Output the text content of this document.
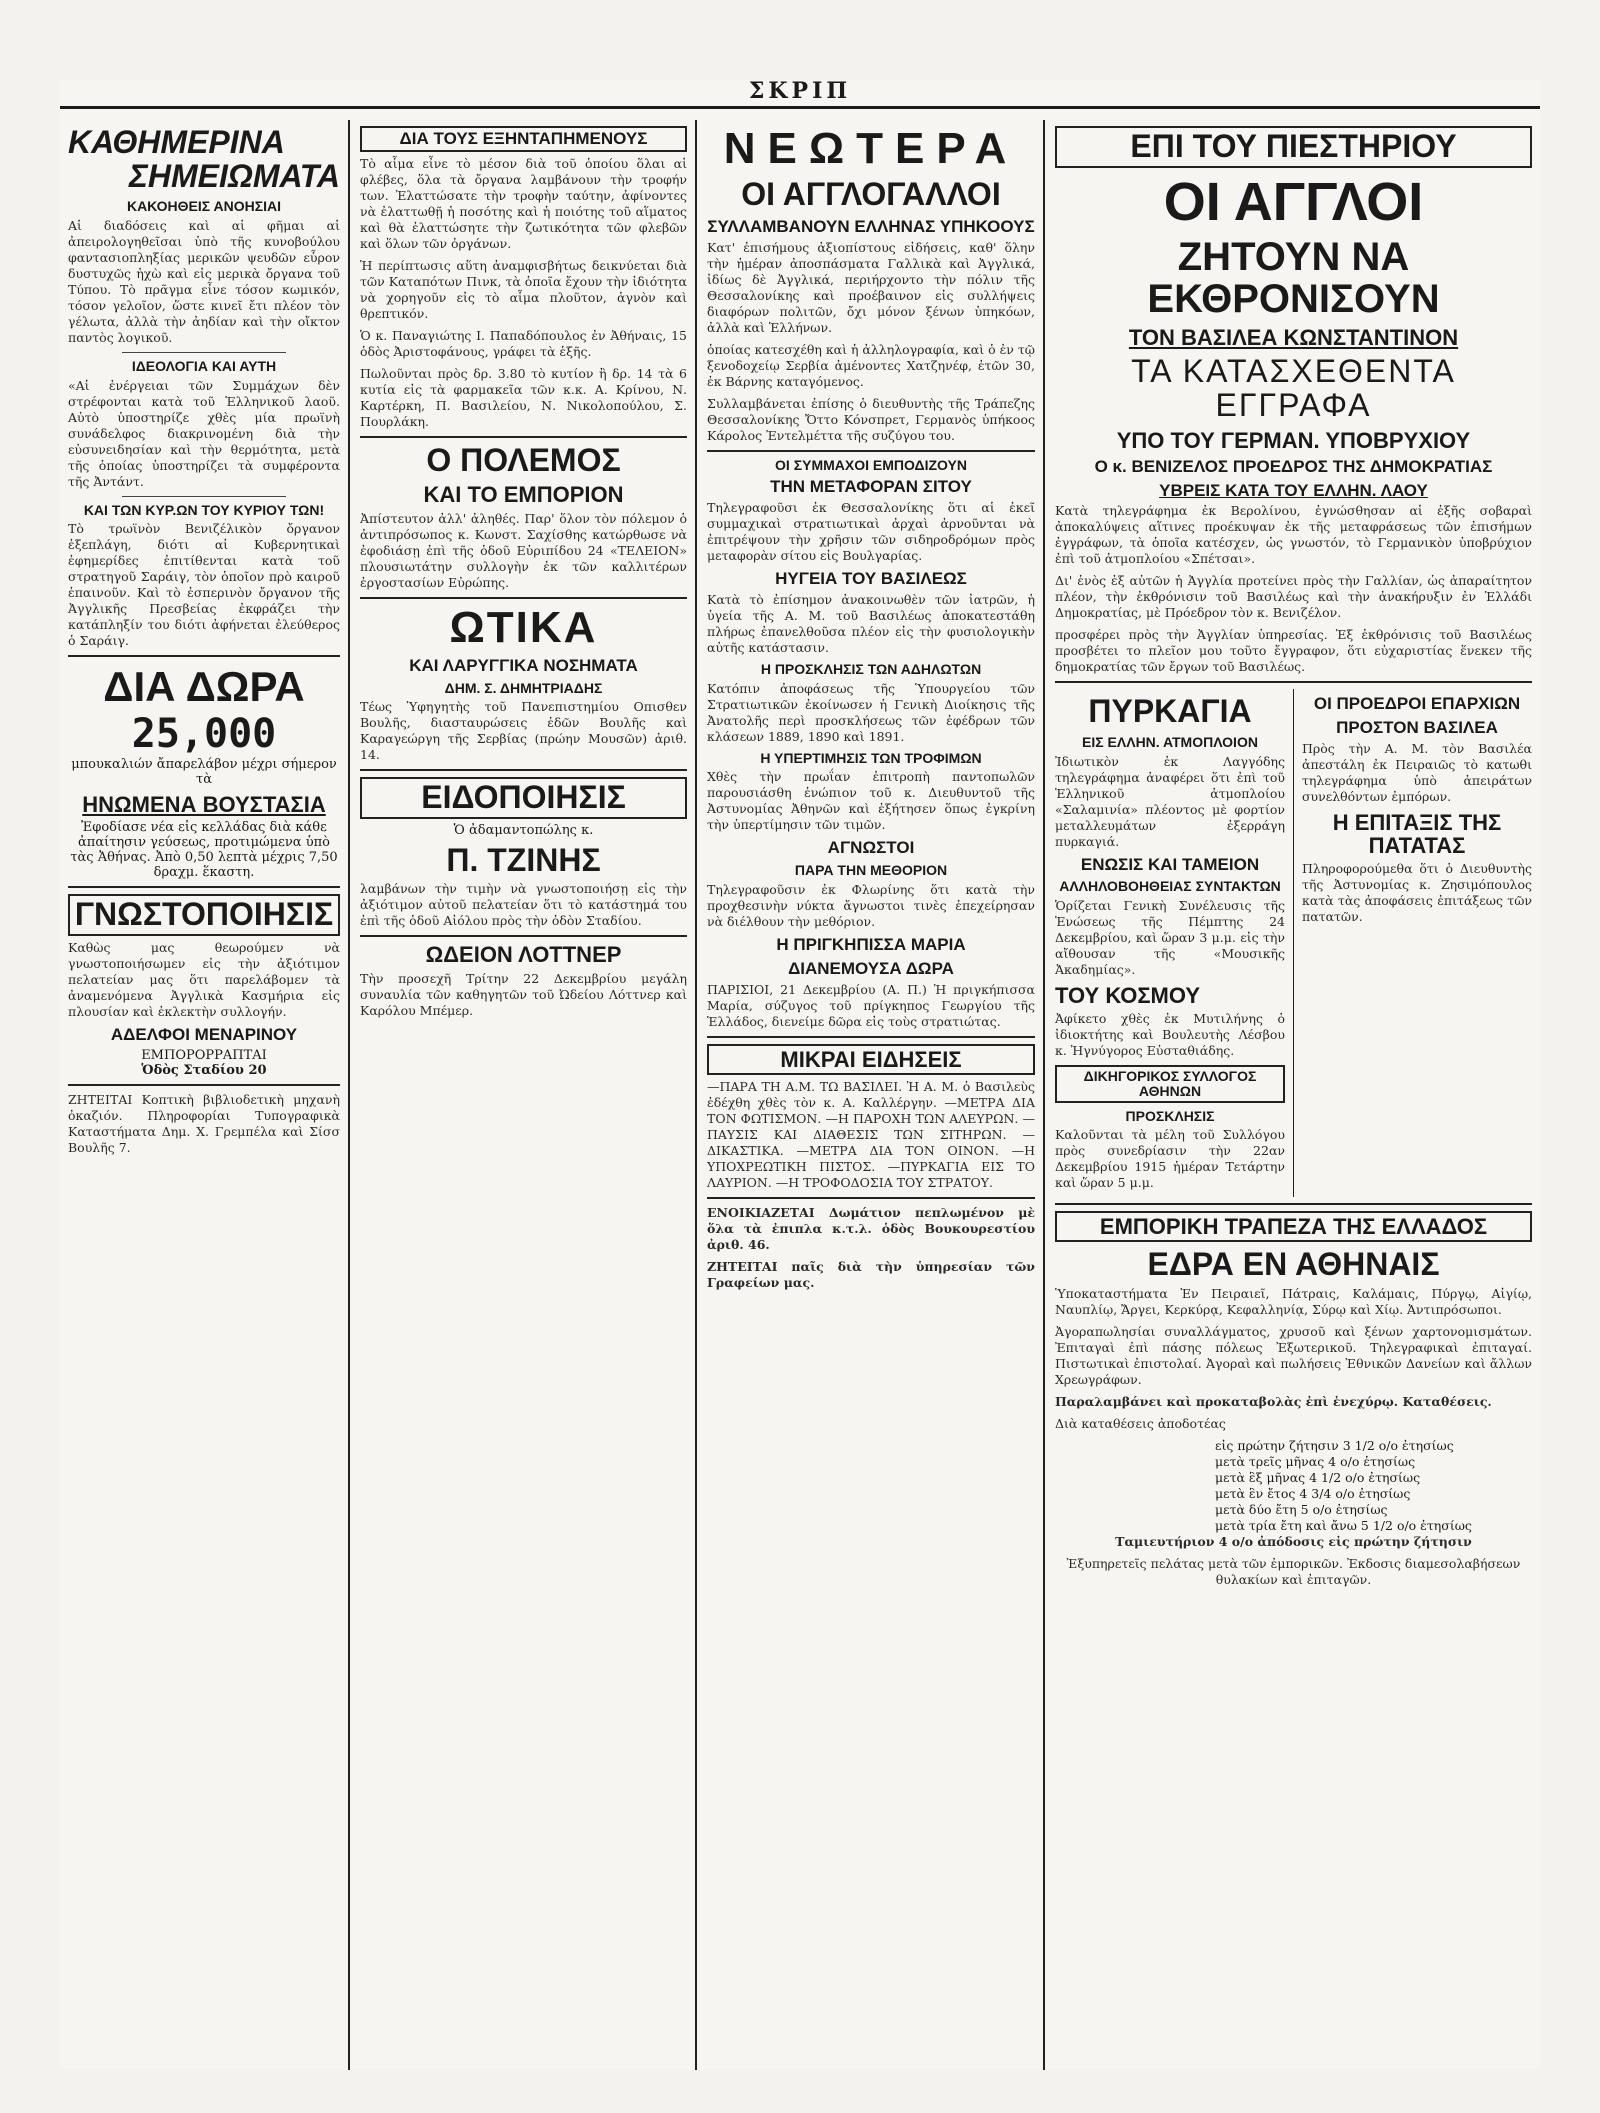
ΣΚΡΙΠ
ΚΑΘΗΜΕΡΙΝΑ
ΣΗΜΕΙΩΜΑΤΑ
ΚΑΚΟΗΘΕΙΣ ΑΝΟΗΣΙΑΙ

Αἱ διαδόσεις καὶ αἱ φῆμαι αἱ ἀπειρολογηθεῖσαι ὑπὸ τῆς κυνοβούλου φαντασιοπληξίας μερικῶν ψευδῶν εὗρον δυστυχῶς ἡχὼ καὶ εἰς μερικὰ ὄργανα τοῦ Τύπου. Τὸ πρᾶγμα εἶνε τόσον κωμικόν, τόσον γελοῖον, ὥστε κινεῖ ἔτι πλέον τὸν γέλωτα, ἀλλὰ τὴν ἀηδίαν καὶ τὴν οἴκτον παντὸς λογικοῦ.

ΙΔΕΟΛΟΓΙΑ ΚΑΙ ΑΥΤΗ

«Αἱ ἐνέργειαι τῶν Συμμάχων δὲν στρέφονται κατὰ τοῦ Ἑλληνικοῦ λαοῦ. Αὐτὸ ὑποστηρίζε χθὲς μία πρωϊνὴ συνάδελφος διακρινομένη διὰ τὴν εὐσυνειδησίαν καὶ τὴν θερμότητα, μετὰ τῆς ὁποίας ὑποστηρίζει τὰ συμφέροντα τῆς Ἀντάντ.

ΚΑΙ ΤΩΝ ΚΥΡ.ΩΝ ΤΟΥ ΚΥΡΙΟΥ ΤΩΝ!

Τὸ τρωϊνὸν Βενιζέλικὸν ὄργανον ἐξεπλάγη, διότι αἱ Κυβερνητικαὶ ἐφημερίδες ἐπιτίθενται κατὰ τοῦ στρατηγοῦ Σαράιγ, τὸν ὁποῖον πρὸ καιροῦ ἐπαινοῦν. Καὶ τὸ ἐσπερινὸν ὄργανον τῆς Ἀγγλικῆς Πρεσβείας ἐκφράζει τὴν κατάπληξίν του διότι ἀφήνεται ἐλεύθερος ὁ Σαράιγ.

ΔΙΑ ΔΩΡΑ
25,000
μπουκαλιών ἄπαρελάβον μέχρι σήμερον τὰ
ΗΝΩΜΕΝΑ ΒΟΥΣΤΑΣΙΑ
Ἐφοδίασε νέα εἰς κελλάδας διὰ κάθε ἀπαίτησιν γεύσεως, προτιμώμενα ὑπὸ τὰς Ἀθήνας. Ἀπὸ 0,50 λεπτὰ μέχρις 7,50 δραχμ. ἕκαστη.
ΓΝΩΣΤΟΠΟΙΗΣΙΣ

Καθὼς μας θεωρούμεν νὰ γνωστοποιήσωμεν εἰς τὴν ἀξιότιμον πελατείαν μας ὅτι παρελάβομεν τὰ ἀναμενόμενα Ἀγγλικὰ Κασμήρια εἰς πλουσίαν καὶ ἐκλεκτὴν συλλογήν.

ΑΔΕΛΦΟΙ ΜΕΝΑΡΙΝΟΥ
ΕΜΠΟΡΟΡΡΑΠΤΑΙ
Ὁδὸς Σταδίου 20

ΖΗΤΕΙΤΑΙ Κοπτικὴ βιβλιοδετικὴ μηχανὴ ὀκαζιόν. Πληροφορίαι Τυπογραφικὰ Καταστήματα Δημ. Χ. Γρεμπέλα καὶ Σίσσ Βουλῆς 7.

ΔΙΑ ΤΟΥΣ ΕΞΗΝΤΑΠΗΜΕΝΟΥΣ

Τὸ αἷμα εἶνε τὸ μέσον διὰ τοῦ ὁποίου ὅλαι αἱ φλέβες, ὅλα τὰ ὄργανα λαμβάνουν τὴν τροφήν των. Ἐλαττώσατε τὴν τροφὴν ταύτην, ἀφίνοντες νὰ ἐλαττωθῇ ἡ ποσότης καὶ ἡ ποιότης τοῦ αἵματος καὶ θὰ ἐλαττώσητε τὴν ζωτικότητα τῶν φλεβῶν καὶ ὅλων τῶν ὀργάνων.

Ἡ περίπτωσις αὕτη ἀναμφισβήτως δεικνύεται διὰ τῶν Καταπότων Πινκ, τὰ ὁποῖα ἔχουν τὴν ἰδιότητα νὰ χορηγοῦν εἰς τὸ αἷμα πλοῦτον, ἁγνὸν καὶ θρεπτικόν.

Ὁ κ. Παναγιώτης Ι. Παπαδόπουλος ἐν Ἀθήναις, 15 ὁδὸς Ἀριστοφάνους, γράφει τὰ ἑξῆς.

Πωλοῦνται πρὸς δρ. 3.80 τὸ κυτίον ἢ δρ. 14 τὰ 6 κυτία εἰς τὰ φαρμακεῖα τῶν κ.κ. Α. Κρίνου, Ν. Καρτέρκη, Π. Βασιλείου, Ν. Νικολοπούλου, Σ. Πουρλάκη.

Ο ΠΟΛΕΜΟΣ
ΚΑΙ ΤΟ ΕΜΠΟΡΙΟΝ

Ἀπίστευτον ἀλλ' ἀληθές. Παρ' ὅλον τὸν πόλεμον ὁ ἀντιπρόσωπος κ. Κωνστ. Σαχίσθης κατώρθωσε νὰ ἐφοδιάσῃ ἐπὶ τῆς ὁδοῦ Εὐριπίδου 24 «ΤΕΛΕΙΟΝ» πλουσιωτάτην συλλογὴν ἐκ τῶν καλλιτέρων ἐργοστασίων Εὐρώπης.

ΩΤΙΚΑ
ΚΑΙ ΛΑΡΥΓΓΙΚΑ ΝΟΣΗΜΑΤΑ
ΔΗΜ. Σ. ΔΗΜΗΤΡΙΑΔΗΣ

Τέως Ὑφηγητὴς τοῦ Πανεπιστημίου Οπισθεν Βουλῆς, διασταυρώσεις ἐδῶν Βουλῆς καὶ Καραγεώργη τῆς Σερβίας (πρώην Μουσῶν) ἀριθ. 14.

ΕΙΔΟΠΟΙΗΣΙΣ
Ὁ ἀδαμαντοπώλης κ.
Π. ΤΖΙΝΗΣ

λαμβάνων τὴν τιμὴν νὰ γνωστοποιήσῃ εἰς τὴν ἀξιότιμον αὐτοῦ πελατείαν ὅτι τὸ κατάστημά του ἐπὶ τῆς ὁδοῦ Αἰόλου πρὸς τὴν ὁδὸν Σταδίου.

ΩΔΕΙΟΝ ΛΟΤΤΝΕΡ

Τὴν προσεχῆ Τρίτην 22 Δεκεμβρίου μεγάλη συναυλία τῶν καθηγητῶν τοῦ Ὠδείου Λόττνερ καὶ Καρόλου Μπέμερ.

ΝΕΩΤΕΡΑ
ΟΙ ΑΓΓΛΟΓΑΛΛΟΙ
ΣΥΛΛΑΜΒΑΝΟΥΝ ΕΛΛΗΝΑΣ ΥΠΗΚΟΟΥΣ

Κατ' ἐπισήμους ἀξιοπίστους εἰδήσεις, καθ' ὅλην τὴν ἡμέραν ἀποσπάσματα Γαλλικὰ καὶ Ἀγγλικά, ἰδίως δὲ Ἀγγλικά, περιήρχοντο τὴν πόλιν τῆς Θεσσαλονίκης καὶ προέβαινον εἰς συλλήψεις διαφόρων πολιτῶν, ὄχι μόνον ξένων ὑπηκόων, ἀλλὰ καὶ Ἑλλήνων.

ὁποίας κατεσχέθη καὶ ἡ ἀλληλογραφία, καὶ ὁ ἐν τῷ ξενοδοχείῳ Σερβία ἀμένοντες Χατζηνέφ, ἐτῶν 30, ἐκ Βάρνης καταγόμενος.

Συλλαμβάνεται ἐπίσης ὁ διευθυντὴς τῆς Τράπεζης Θεσσαλονίκης Ὄττο Κόνσπρετ, Γερμανὸς ὑπήκοος Κάρολος Ἐντελμέττα τῆς συζύγου του.

ΟΙ ΣΥΜΜΑΧΟΙ ΕΜΠΟΔΙΖΟΥΝ
ΤΗΝ ΜΕΤΑΦΟΡΑΝ ΣΙΤΟΥ

Τηλεγραφοῦσι ἐκ Θεσσαλονίκης ὅτι αἱ ἐκεῖ συμμαχικαὶ στρατιωτικαὶ ἀρχαὶ ἀρνοῦνται νὰ ἐπιτρέψουν τὴν χρῆσιν τῶν σιδηροδρόμων πρὸς μεταφορὰν σίτου εἰς Βουλγαρίας.

ΗΥΓΕΙΑ ΤΟΥ ΒΑΣΙΛΕΩΣ

Κατὰ τὸ ἐπίσημον ἀνακοινωθὲν τῶν ἰατρῶν, ἡ ὑγεία τῆς Α. Μ. τοῦ Βασιλέως ἀποκατεστάθη πλήρως ἐπανελθοῦσα πλέον εἰς τὴν φυσιολογικὴν αὐτῆς κατάστασιν.

Η ΠΡΟΣΚΛΗΣΙΣ ΤΩΝ ΑΔΗΛΩΤΩΝ

Κατόπιν ἀποφάσεως τῆς Ὑπουργείου τῶν Στρατιωτικῶν ἐκοίνωσεν ἡ Γενικὴ Διοίκησις τῆς Ἀνατολῆς περὶ προσκλήσεως τῶν ἐφέδρων τῶν κλάσεων 1889, 1890 καὶ 1891.

Η ΥΠΕΡΤΙΜΗΣΙΣ ΤΩΝ ΤΡΟΦΙΜΩΝ

Χθὲς τὴν πρωΐαν ἐπιτροπὴ παντοπωλῶν παρουσιάσθη ἐνώπιον τοῦ κ. Διευθυντοῦ τῆς Ἀστυνομίας Ἀθηνῶν καὶ ἐξήτησεν ὅπως ἐγκρίνη τὴν ὑπερτίμησιν τῶν τιμῶν.

ΑΓΝΩΣΤΟΙ
ΠΑΡΑ ΤΗΝ ΜΕΘΟΡΙΟΝ

Τηλεγραφοῦσιν ἐκ Φλωρίνης ὅτι κατὰ τὴν προχθεσινὴν νύκτα ἄγνωστοι τινὲς ἐπεχείρησαν νὰ διέλθουν τὴν μεθόριον.

Η ΠΡΙΓΚΗΠΙΣΣΑ ΜΑΡΙΑ
ΔΙΑΝΕΜΟΥΣΑ ΔΩΡΑ

ΠΑΡΙΣΙΟΙ, 21 Δεκεμβρίου (Α. Π.) Ἡ πριγκήπισσα Μαρία, σύζυγος τοῦ πρίγκηπος Γεωργίου τῆς Ἑλλάδος, διενείμε δῶρα εἰς τοὺς στρατιώτας.

ΜΙΚΡΑΙ ΕΙΔΗΣΕΙΣ

—ΠΑΡΑ ΤΗ Α.Μ. ΤΩ ΒΑΣΙΛΕΙ. Ἡ Α. Μ. ὁ Βασιλεὺς ἐδέχθη χθὲς τὸν κ. Α. Καλλέργην. —ΜΕΤΡΑ ΔΙΑ ΤΟΝ ΦΩΤΙΣΜΟΝ. —Η ΠΑΡΟΧΗ ΤΩΝ ΑΛΕΥΡΩΝ. —ΠΑΥΣΙΣ ΚΑΙ ΔΙΑΘΕΣΙΣ ΤΩΝ ΣΙΤΗΡΩΝ. —ΔΙΚΑΣΤΙΚΑ. —ΜΕΤΡΑ ΔΙΑ ΤΟΝ ΟΙΝΟΝ. —Η ΥΠΟΧΡΕΩΤΙΚΗ ΠΙΣΤΟΣ. —ΠΥΡΚΑΓΙΑ ΕΙΣ ΤΟ ΛΑΥΡΙΟΝ. —Η ΤΡΟΦΟΔΟΣΙΑ ΤΟΥ ΣΤΡΑΤΟΥ.

ΕΝΟΙΚΙΑΖΕΤΑΙ Δωμάτιον πεπλωμένον μὲ ὅλα τὰ ἐπιπλα κ.τ.λ. ὁδὸς Βουκουρεστίου ἀριθ. 46.

ΖΗΤΕΙΤΑΙ παῖς διὰ τὴν ὑπηρεσίαν τῶν Γραφείων μας.

ΕΠΙ ΤΟΥ ΠΙΕΣΤΗΡΙΟΥ
ΟΙ ΑΓΓΛΟΙ
ΖΗΤΟΥΝ ΝΑ ΕΚΘΡΟΝΙΣΟΥΝ
ΤΟΝ ΒΑΣΙΛΕΑ ΚΩΝΣΤΑΝΤΙΝΟΝ
ΤΑ ΚΑΤΑΣΧΕΘΕΝΤΑ ΕΓΓΡΑΦΑ
ΥΠΟ ΤΟΥ ΓΕΡΜΑΝ. ΥΠΟΒΡΥΧΙΟΥ
Ο κ. ΒΕΝΙΖΕΛΟΣ ΠΡΟΕΔΡΟΣ ΤΗΣ ΔΗΜΟΚΡΑΤΙΑΣ
ΥΒΡΕΙΣ ΚΑΤΑ ΤΟΥ ΕΛΛΗΝ. ΛΑΟΥ

Κατὰ τηλεγράφημα ἐκ Βερολίνου, ἐγνώσθησαν αἱ ἐξῆς σοβαραὶ ἀποκαλύψεις αἵτινες προέκυψαν ἐκ τῆς μεταφράσεως τῶν ἐπισήμων ἐγγράφων, τὰ ὁποῖα κατέσχεν, ὡς γνωστόν, τὸ Γερμανικὸν ὑποβρύχιον ἐπὶ τοῦ ἀτμοπλοίου «Σπέτσαι».

Δι' ἐνὸς ἐξ αὐτῶν ἡ Ἀγγλία προτείνει πρὸς τὴν Γαλλίαν, ὡς ἀπαραίτητον πλέον, τὴν ἐκθρόνισιν τοῦ Βασιλέως καὶ τὴν ἀνακήρυξιν ἐν Ἑλλάδι Δημοκρατίας, μὲ Πρόεδρον τὸν κ. Βενιζέλον.

προσφέρει πρὸς τὴν Ἀγγλίαν ὑπηρεσίας. Ἐξ ἐκθρόνισις τοῦ Βασιλέως προσβέτει το πλεῖον μου τοῦτο ἔγγραφον, ὅτι εὐχαριστίας ἕνεκεν τῆς δημοκρατίας τῶν ἔργων τοῦ Βασιλέως.

ΠΥΡΚΑΓΙΑ
ΕΙΣ ΕΛΛΗΝ. ΑΤΜΟΠΛΟΙΟΝ

Ἰδιωτικὸν ἐκ Λαγγόδης τηλεγράφημα ἀναφέρει ὅτι ἐπὶ τοῦ Ἑλληνικοῦ ἀτμοπλοίου «Σαλαμινία» πλέοντος μὲ φορτίον μεταλλευμάτων ἐξερράγη πυρκαγιά.

ΕΝΩΣΙΣ ΚΑΙ ΤΑΜΕΙΟΝ
ΑΛΛΗΛΟΒΟΗΘΕΙΑΣ ΣΥΝΤΑΚΤΩΝ

Ὁρίζεται Γενικὴ Συνέλευσις τῆς Ἑνώσεως τῆς Πέμπτης 24 Δεκεμβρίου, καὶ ὥραν 3 μ.μ. εἰς τὴν αἴθουσαν τῆς «Μουσικῆς Ἀκαδημίας».

ΤΟΥ ΚΟΣΜΟΥ

Ἀφίκετο χθὲς ἐκ Μυτιλήνης ὁ ἰδιοκτήτης καὶ Βουλευτὴς Λέσβου κ. Ἠγνύγορος Εὐσταθιάδης.

ΔΙΚΗΓΟΡΙΚΟΣ ΣΥΛΛΟΓΟΣ ΑΘΗΝΩΝ
ΠΡΟΣΚΛΗΣΙΣ

Καλοῦνται τὰ μέλη τοῦ Συλλόγου πρὸς συνεδρίασιν τὴν 22αν Δεκεμβρίου 1915 ἡμέραν Τετάρτην καὶ ὥραν 5 μ.μ.

ΟΙ ΠΡΟΕΔΡΟΙ ΕΠΑΡΧΙΩΝ
ΠΡΟΣΤΟΝ ΒΑΣΙΛΕΑ

Πρὸς τὴν Α. Μ. τὸν Βασιλέα ἀπεστάλη ἐκ Πειραιῶς τὸ κατωθι τηλεγράφημα ὑπὸ ἀπειράτων συνελθόντων ἐμπόρων.

Η ΕΠΙΤΑΞΙΣ ΤΗΣ ΠΑΤΑΤΑΣ

Πληροφορούμεθα ὅτι ὁ Διευθυντὴς τῆς Ἀστυνομίας κ. Ζησιμόπουλος κατὰ τὰς ἀποφάσεις ἐπιτάξεως τῶν πατατῶν.

ΕΜΠΟΡΙΚΗ ΤΡΑΠΕΖΑ ΤΗΣ ΕΛΛΑΔΟΣ
ΕΔΡΑ ΕΝ ΑΘΗΝΑΙΣ

Ὑποκαταστήματα Ἐν Πειραιεῖ, Πάτραις, Καλάμαις, Πύργῳ, Αἰγίῳ, Ναυπλίῳ, Ἄργει, Κερκύρᾳ, Κεφαλληνίᾳ, Σύρῳ καὶ Χίῳ. Ἀντιπρόσωποι.

Ἀγοραπωλησίαι συναλλάγματος, χρυσοῦ καὶ ξένων χαρτονομισμάτων. Ἐπιταγαὶ ἐπὶ πάσης πόλεως Ἐξωτερικοῦ. Τηλεγραφικαὶ ἐπιταγαί. Πιστωτικαὶ ἐπιστολαί. Ἀγοραὶ καὶ πωλήσεις Ἐθνικῶν Δανείων καὶ ἄλλων Χρεωγράφων.

Παραλαμβάνει καὶ προκαταβολὰς ἐπὶ ἐνεχύρῳ. Καταθέσεις.

Διὰ καταθέσεις ἀποδοτέας
εἰς πρώτην ζήτησιν 3 1/2 ο/ο ἐτησίως
μετὰ τρεῖς μῆνας 4 ο/ο ἐτησίως
μετὰ ἓξ μῆνας 4 1/2 ο/ο ἐτησίως
μετὰ ἓν ἔτος 4 3/4 ο/ο ἐτησίως
μετὰ δύο ἔτη 5 ο/ο ἐτησίως
μετὰ τρία ἔτη καὶ ἄνω 5 1/2 ο/ο ἐτησίως

Ταμιευτήριον 4 ο/ο ἀπόδοσις εἰς πρώτην ζήτησιν

Ἐξυπηρετεῖς πελάτας μετὰ τῶν ἐμπορικῶν. Ἐκδοσις διαμεσολαβήσεων θυλακίων καὶ ἐπιταγῶν.
